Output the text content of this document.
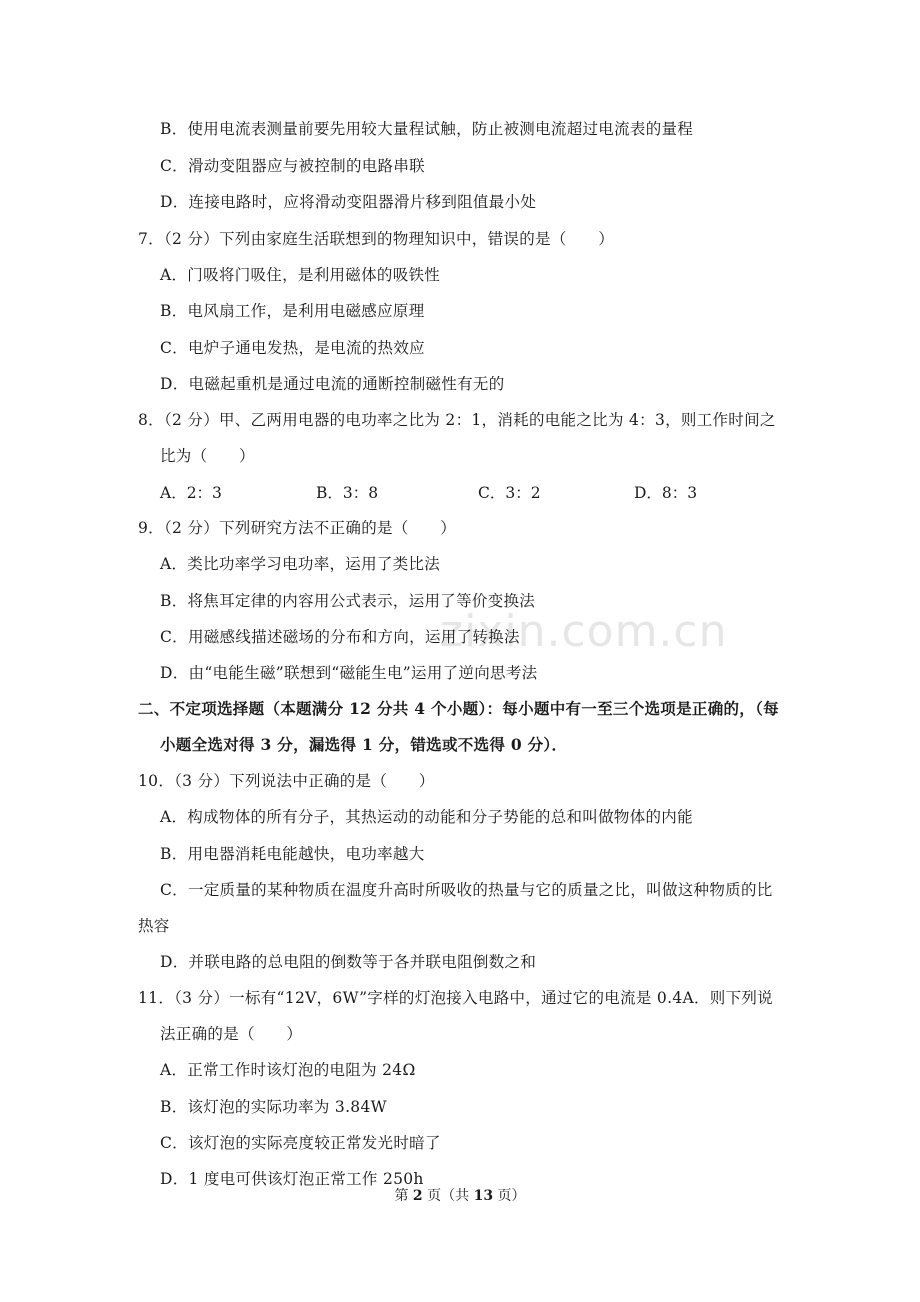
zixin.com.cn
B．使用电流表测量前要先用较大量程试触，防止被测电流超过电流表的量程
C．滑动变阻器应与被控制的电路串联
D．连接电路时，应将滑动变阻器滑片移到阻值最小处
7．（2 分）下列由家庭生活联想到的物理知识中，错误的是（　　）
A．门吸将门吸住，是利用磁体的吸铁性
B．电风扇工作，是利用电磁感应原理
C．电炉子通电发热，是电流的热效应
D．电磁起重机是通过电流的通断控制磁性有无的
8．（2 分）甲、乙两用电器的电功率之比为 2：1，消耗的电能之比为 4：3，则工作时间之
比为（　　）
A．2：3	B．3：8	C．3：2	D．8：3
9．（2 分）下列研究方法不正确的是（　　）
A．类比功率学习电功率，运用了类比法
B．将焦耳定律的内容用公式表示，运用了等价变换法
C．用磁感线描述磁场的分布和方向，运用了转换法
D．由“电能生磁”联想到“磁能生电”运用了逆向思考法
二、不定项选择题（本题满分 12 分共 4 个小题）：每小题中有一至三个选项是正确的，（每
小题全选对得 3 分，漏选得 1 分，错选或不选得 0 分）．
10．（3 分）下列说法中正确的是（　　）
A．构成物体的所有分子，其热运动的动能和分子势能的总和叫做物体的内能
B．用电器消耗电能越快，电功率越大
C．一定质量的某种物质在温度升高时所吸收的热量与它的质量之比，叫做这种物质的比
热容
D．并联电路的总电阻的倒数等于各并联电阻倒数之和
11．（3 分）一标有“12V，6W”字样的灯泡接入电路中，通过它的电流是 0.4A．则下列说
法正确的是（　　）
A．正常工作时该灯泡的电阻为 24Ω
B．该灯泡的实际功率为 3.84W
C．该灯泡的实际亮度较正常发光时暗了
D．1 度电可供该灯泡正常工作 250h
第 2 页（共 13 页）
